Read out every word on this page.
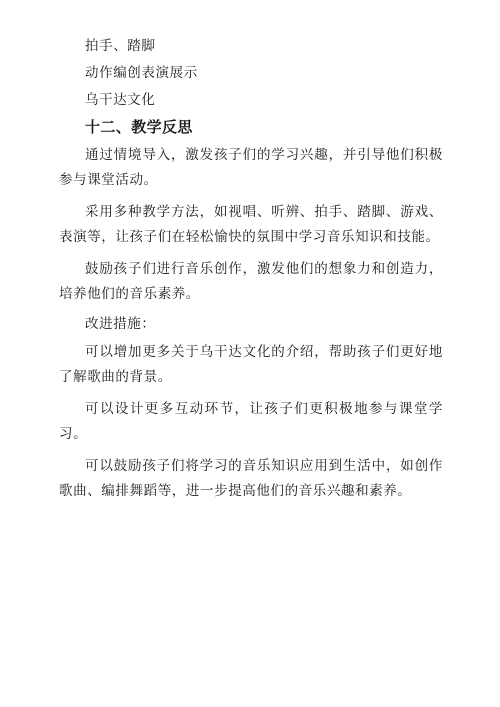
拍手、踏脚

动作编创表演展示

乌干达文化

十二、教学反思

通过情境导入，激发孩子们的学习兴趣，并引导他们积极参与课堂活动。

采用多种教学方法，如视唱、听辨、拍手、踏脚、游戏、表演等，让孩子们在轻松愉快的氛围中学习音乐知识和技能。

鼓励孩子们进行音乐创作，激发他们的想象力和创造力，培养他们的音乐素养。

改进措施：

可以增加更多关于乌干达文化的介绍，帮助孩子们更好地了解歌曲的背景。

可以设计更多互动环节，让孩子们更积极地参与课堂学习。

可以鼓励孩子们将学习的音乐知识应用到生活中，如创作歌曲、编排舞蹈等，进一步提高他们的音乐兴趣和素养。
